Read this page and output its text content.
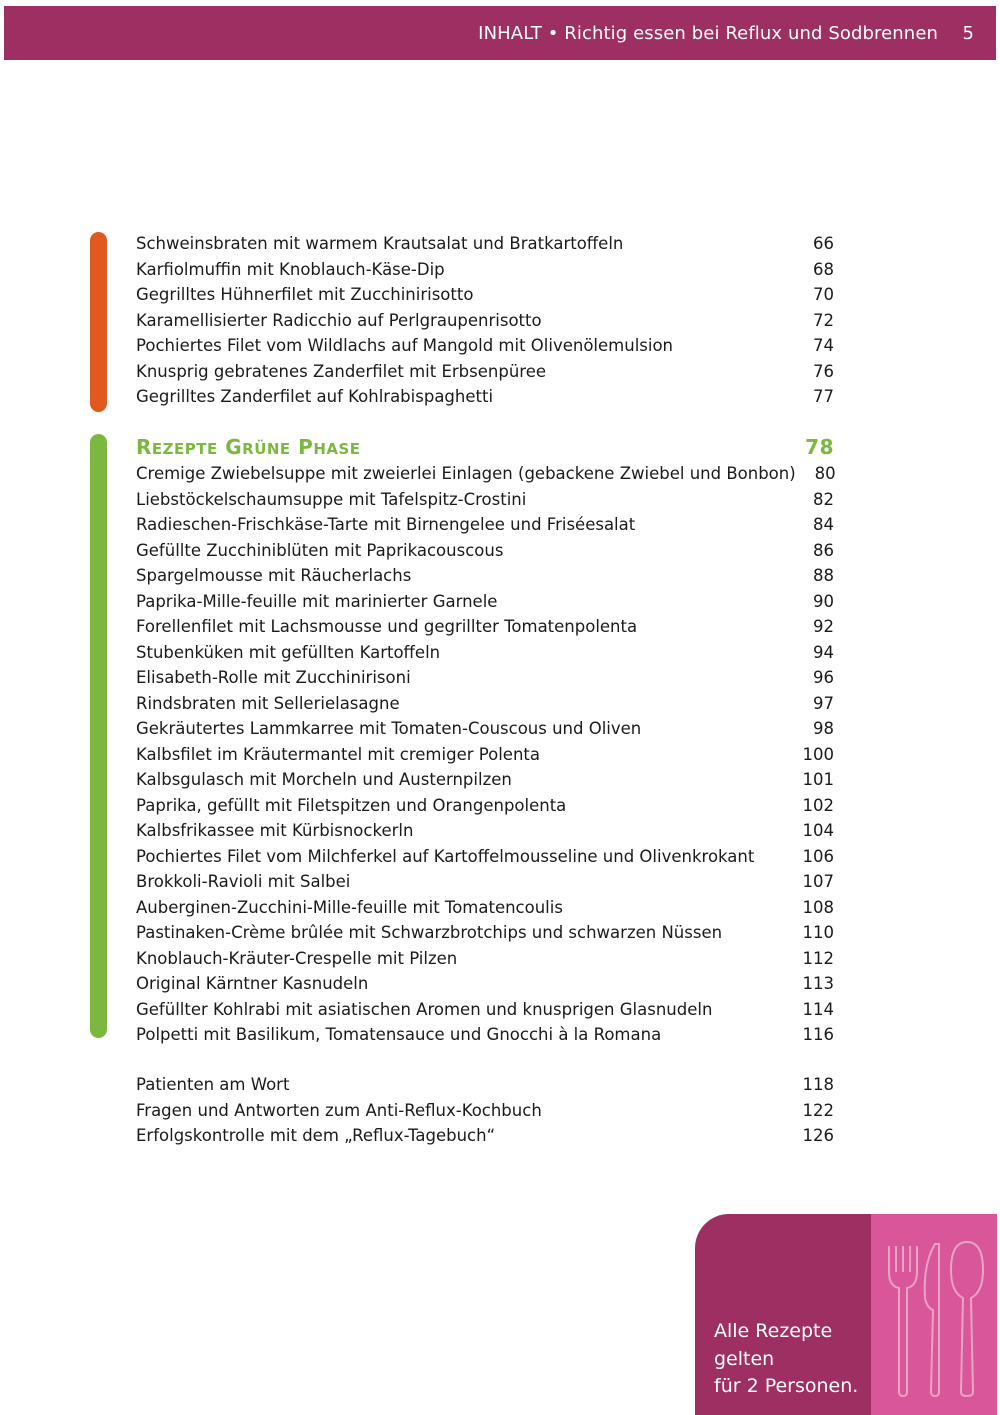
INHALT • Richtig essen bei Reflux und Sodbrennen 5
Schweinsbraten mit warmem Krautsalat und Bratkartoffeln	66
Karfiolmuffin mit Knoblauch-Käse-Dip	68
Gegrilltes Hühnerfilet mit Zucchinirisotto	70
Karamellisierter Radicchio auf Perlgraupenrisotto	72
Pochiertes Filet vom Wildlachs auf Mangold mit Olivenölemulsion	74
Knusprig gebratenes Zanderfilet mit Erbsenpüree	76
Gegrilltes Zanderfilet auf Kohlrabispaghetti	77
REZEPTE GRÜNE PHASE	78
Cremige Zwiebelsuppe mit zweierlei Einlagen (gebackene Zwiebel und Bonbon)	80
Liebstöckelschaumsuppe mit Tafelspitz-Crostini	82
Radieschen-Frischkäse-Tarte mit Birnengelee und Friséesalat	84
Gefüllte Zucchiniblüten mit Paprikacouscous	86
Spargelmousse mit Räucherlachs	88
Paprika-Mille-feuille mit marinierter Garnele	90
Forellenfilet mit Lachsmousse und gegrillter Tomatenpolenta	92
Stubenküken mit gefüllten Kartoffeln	94
Elisabeth-Rolle mit Zucchinirisoni	96
Rindsbraten mit Sellerielasagne	97
Gekräutertes Lammkarree mit Tomaten-Couscous und Oliven	98
Kalbsfilet im Kräutermantel mit cremiger Polenta	100
Kalbsgulasch mit Morcheln und Austernpilzen	101
Paprika, gefüllt mit Filetspitzen und Orangenpolenta	102
Kalbsfrikassee mit Kürbisnockerln	104
Pochiertes Filet vom Milchferkel auf Kartoffelmousseline und Olivenkrokant	106
Brokkoli-Ravioli mit Salbei	107
Auberginen-Zucchini-Mille-feuille mit Tomatencoulis	108
Pastinaken-Crème brûlée mit Schwarzbrotchips und schwarzen Nüssen	110
Knoblauch-Kräuter-Crespelle mit Pilzen	112
Original Kärntner Kasnudeln	113
Gefüllter Kohlrabi mit asiatischen Aromen und knusprigen Glasnudeln	114
Polpetti mit Basilikum, Tomatensauce und Gnocchi à la Romana	116
Patienten am Wort	118
Fragen und Antworten zum Anti-Reflux-Kochbuch	122
Erfolgskontrolle mit dem „Reflux-Tagebuch“	126
Alle Rezepte
gelten
für 2 Personen.
